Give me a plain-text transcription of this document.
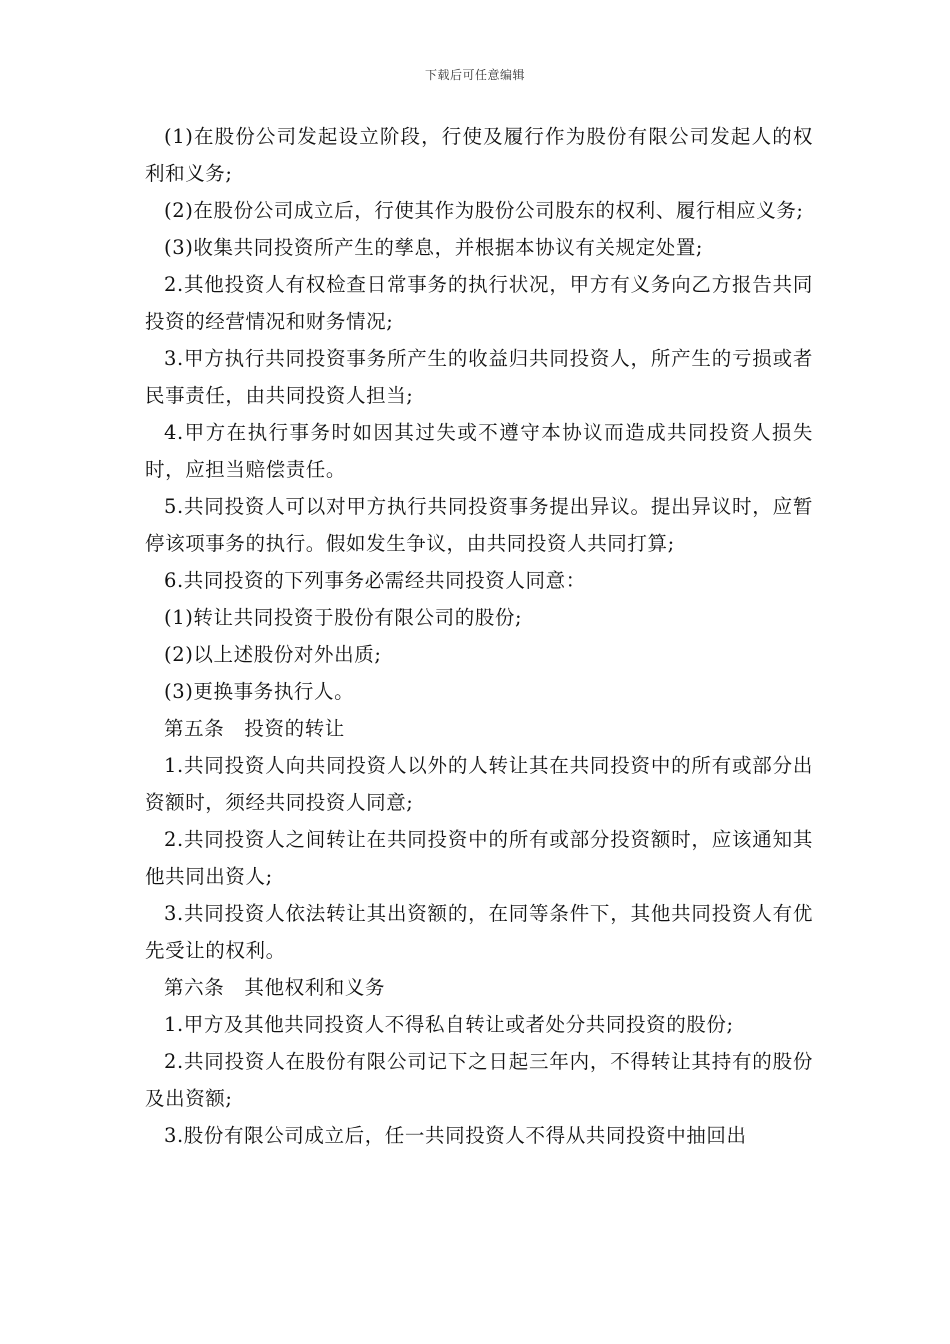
下载后可任意编辑

(1)在股份公司发起设立阶段，行使及履行作为股份有限公司发起人的权利和义务;

(2)在股份公司成立后，行使其作为股份公司股东的权利、履行相应义务;

(3)收集共同投资所产生的孳息，并根据本协议有关规定处置;

2.其他投资人有权检查日常事务的执行状况，甲方有义务向乙方报告共同投资的经营情况和财务情况;

3.甲方执行共同投资事务所产生的收益归共同投资人，所产生的亏损或者民事责任，由共同投资人担当;

4.甲方在执行事务时如因其过失或不遵守本协议而造成共同投资人损失时，应担当赔偿责任。

5.共同投资人可以对甲方执行共同投资事务提出异议。提出异议时，应暂停该项事务的执行。假如发生争议，由共同投资人共同打算;

6.共同投资的下列事务必需经共同投资人同意：

(1)转让共同投资于股份有限公司的股份;

(2)以上述股份对外出质;

(3)更换事务执行人。

第五条　投资的转让

1.共同投资人向共同投资人以外的人转让其在共同投资中的所有或部分出资额时，须经共同投资人同意;

2.共同投资人之间转让在共同投资中的所有或部分投资额时，应该通知其他共同出资人;

3.共同投资人依法转让其出资额的，在同等条件下，其他共同投资人有优先受让的权利。

第六条　其他权利和义务

1.甲方及其他共同投资人不得私自转让或者处分共同投资的股份;

2.共同投资人在股份有限公司记下之日起三年内，不得转让其持有的股份及出资额;

3.股份有限公司成立后，任一共同投资人不得从共同投资中抽回出
